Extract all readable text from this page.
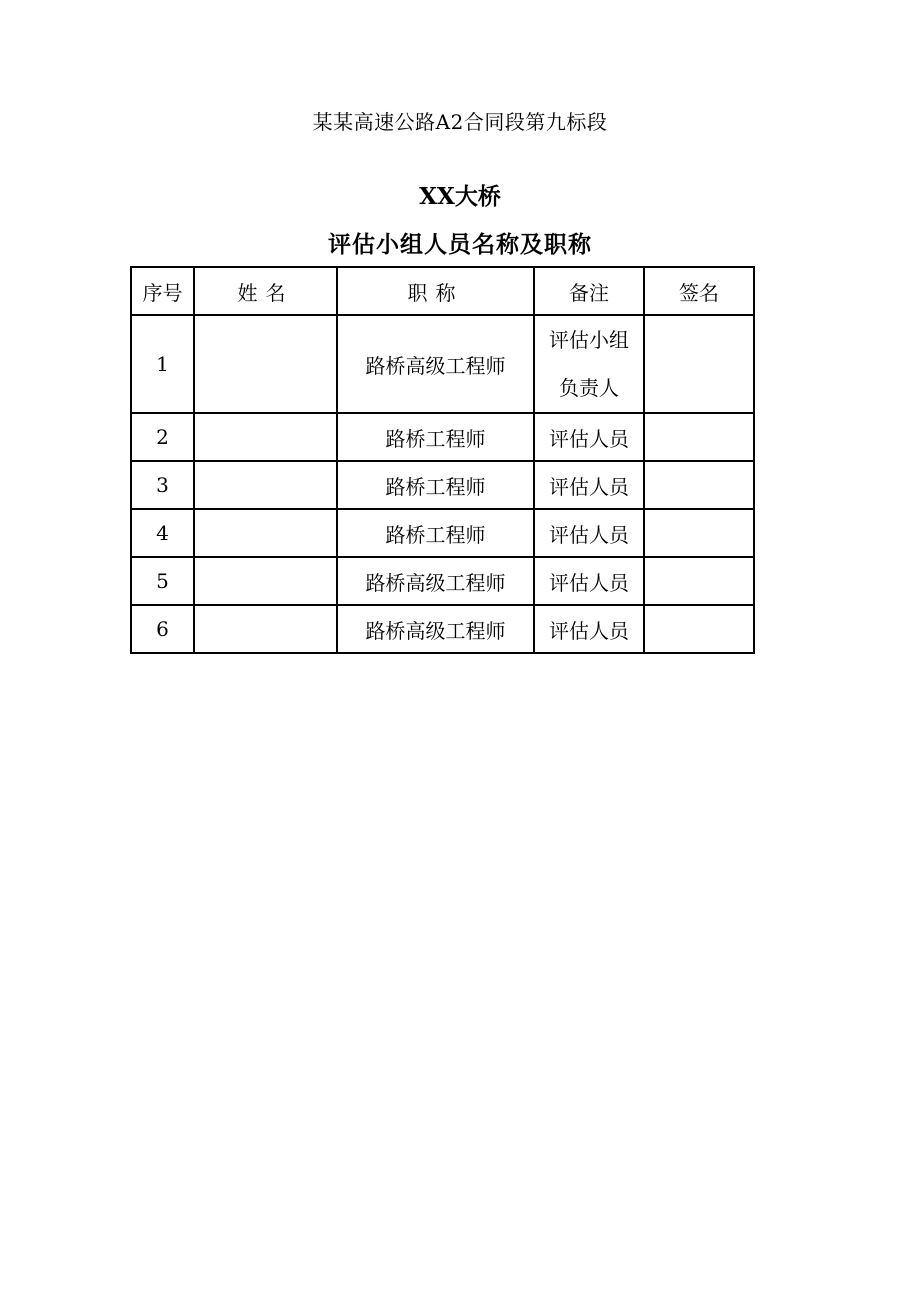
某某高速公路A2合同段第九标段
XX大桥
评估小组人员名称及职称
序号	姓名	职称	备注	签名
1		路桥高级工程师	评估小组
负责人	

2		路桥工程师	评估人员	
3		路桥工程师	评估人员	
4		路桥工程师	评估人员	
5		路桥高级工程师	评估人员	
6		路桥高级工程师	评估人员	
